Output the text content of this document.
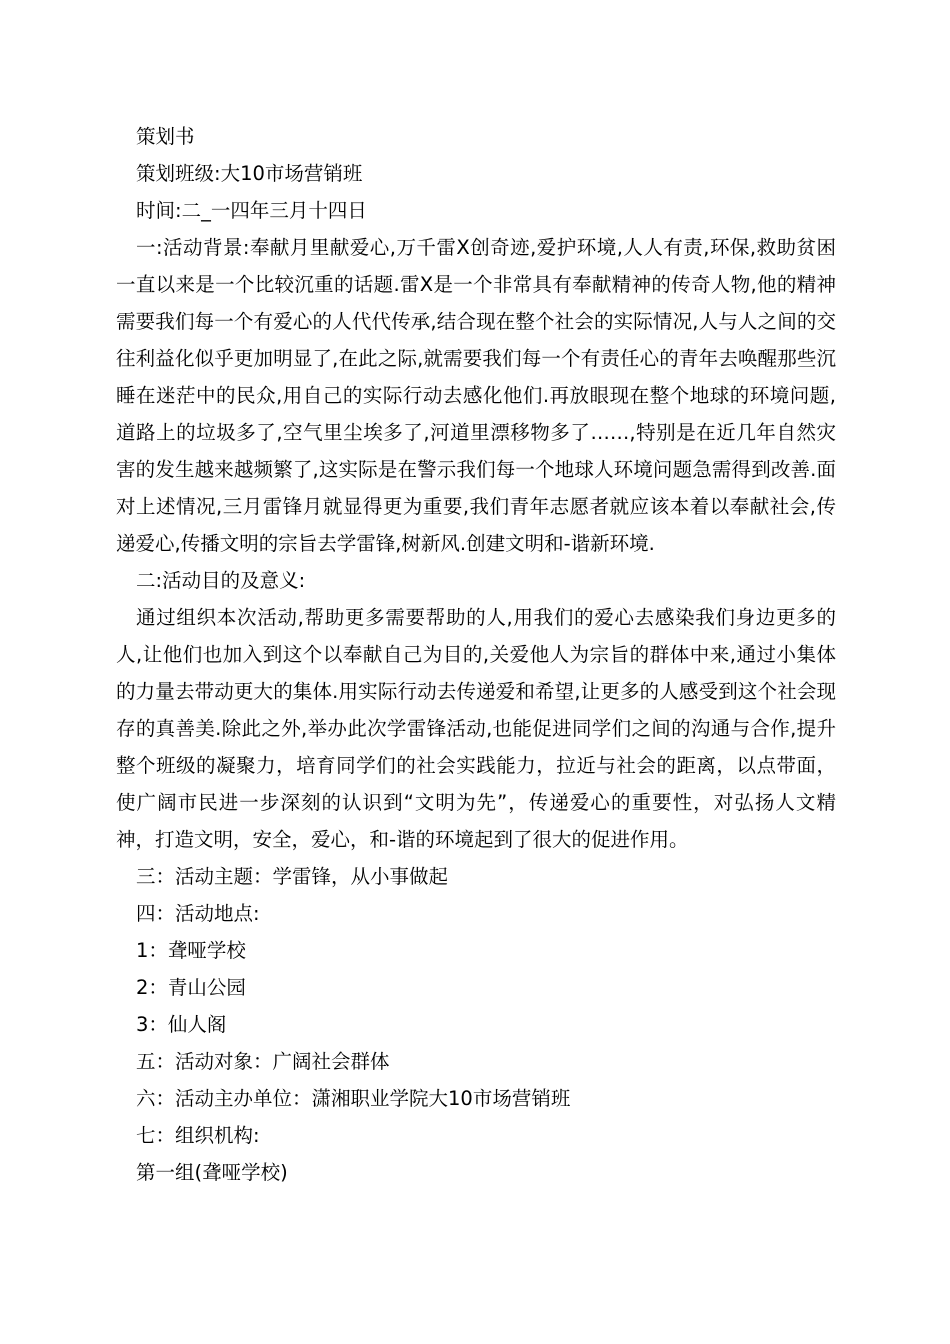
策划书

策划班级:大10市场营销班

时间:二_一四年三月十四日

一:活动背景:奉献月里献爱心,万千雷X创奇迹,爱护环境,人人有责,环保,救助贫困一直以来是一个比较沉重的话题.雷X是一个非常具有奉献精神的传奇人物,他的精神需要我们每一个有爱心的人代代传承,结合现在整个社会的实际情况,人与人之间的交往利益化似乎更加明显了,在此之际,就需要我们每一个有责任心的青年去唤醒那些沉睡在迷茫中的民众,用自己的实际行动去感化他们.再放眼现在整个地球的环境问题,道路上的垃圾多了,空气里尘埃多了,河道里漂移物多了……,特别是在近几年自然灾害的发生越来越频繁了,这实际是在警示我们每一个地球人环境问题急需得到改善.面对上述情况,三月雷锋月就显得更为重要,我们青年志愿者就应该本着以奉献社会,传递爱心,传播文明的宗旨去学雷锋,树新风.创建文明和-谐新环境.

二:活动目的及意义:

通过组织本次活动,帮助更多需要帮助的人,用我们的爱心去感染我们身边更多的人,让他们也加入到这个以奉献自己为目的,关爱他人为宗旨的群体中来,通过小集体的力量去带动更大的集体.用实际行动去传递爱和希望,让更多的人感受到这个社会现存的真善美.除此之外,举办此次学雷锋活动,也能促进同学们之间的沟通与合作,提升整个班级的凝聚力，培育同学们的社会实践能力，拉近与社会的距离，以点带面，使广阔市民进一步深刻的认识到“文明为先”，传递爱心的重要性，对弘扬人文精神，打造文明，安全，爱心，和-谐的环境起到了很大的促进作用。

三：活动主题：学雷锋，从小事做起

四：活动地点:

1：聋哑学校

2：青山公园

3：仙人阁

五：活动对象：广阔社会群体

六：活动主办单位：潇湘职业学院大10市场营销班

七：组织机构:

第一组(聋哑学校)
